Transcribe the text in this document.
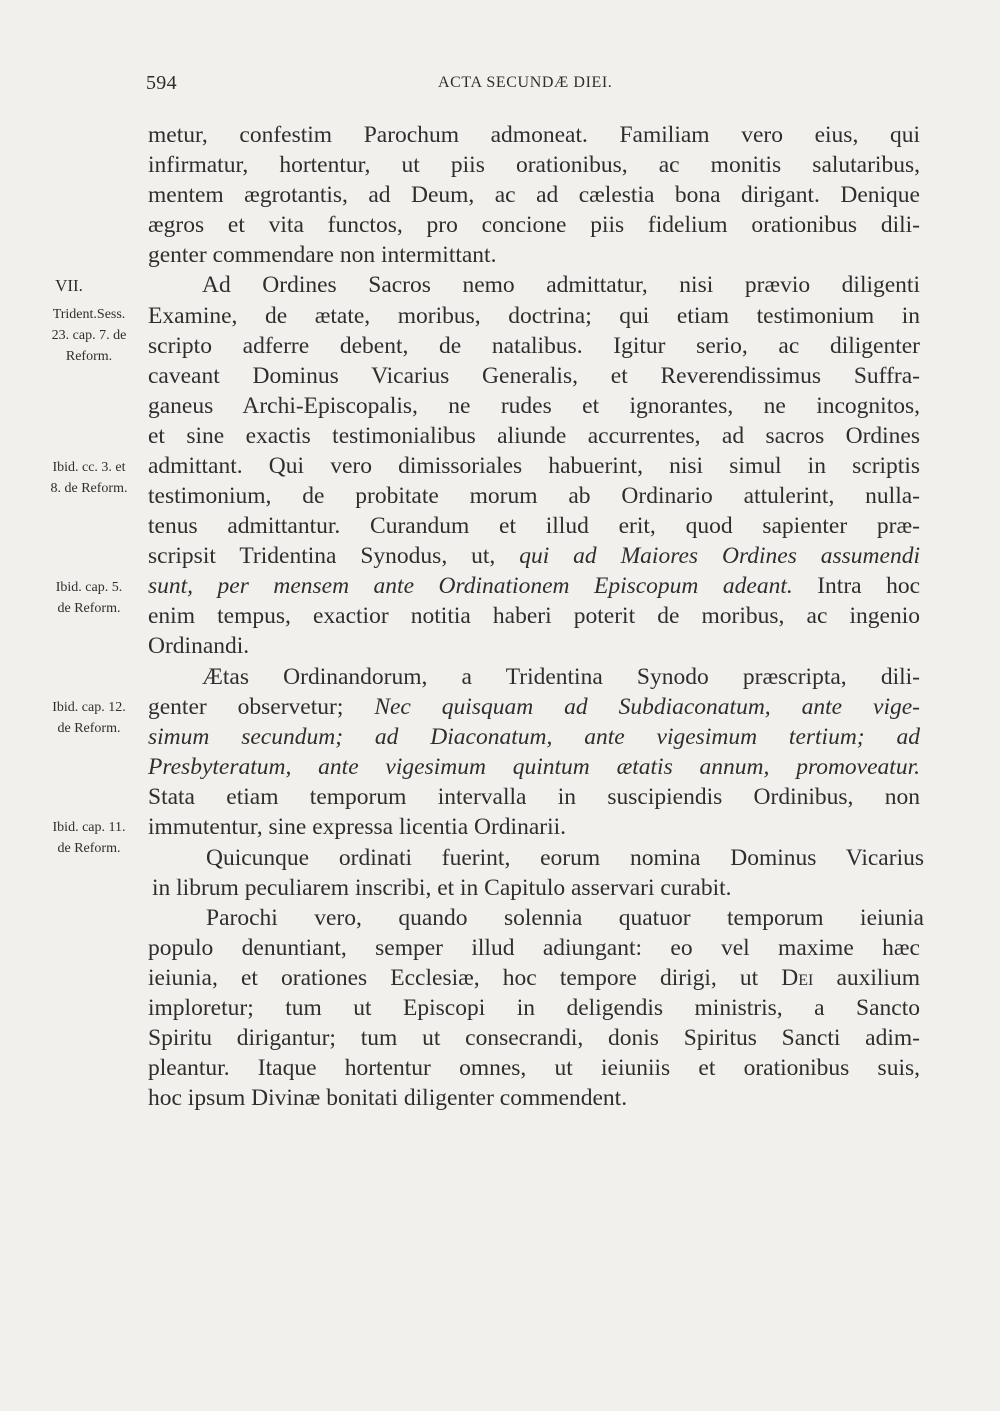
594	ACTA SECUNDÆ DIEI.
VII.
Trident.Sess.
23. cap. 7. de
Reform.
Ibid. cc. 3. et
8. de Reform.
Ibid. cap. 5.
de Reform.
Ibid. cap. 12.
de Reform.
Ibid. cap. 11.
de Reform.
metur, confestim Parochum admoneat. Familiam vero eius, qui
infirmatur, hortentur, ut piis orationibus, ac monitis salutaribus,
mentem ægrotantis, ad Deum, ac ad cælestia bona dirigant. Denique
ægros et vita functos, pro concione piis fidelium orationibus dili-
genter commendare non intermittant.
Ad Ordines Sacros nemo admittatur, nisi prævio diligenti
Examine, de ætate, moribus, doctrina; qui etiam testimonium in
scripto adferre debent, de natalibus. Igitur serio, ac diligenter
caveant Dominus Vicarius Generalis, et Reverendissimus Suffra-
ganeus Archi-Episcopalis, ne rudes et ignorantes, ne incognitos,
et sine exactis testimonialibus aliunde accurrentes, ad sacros Ordines
admittant. Qui vero dimissoriales habuerint, nisi simul in scriptis
testimonium, de probitate morum ab Ordinario attulerint, nulla-
tenus admittantur. Curandum et illud erit, quod sapienter præ-
scripsit Tridentina Synodus, ut, qui ad Maiores Ordines assumendi
sunt, per mensem ante Ordinationem Episcopum adeant. Intra hoc
enim tempus, exactior notitia haberi poterit de moribus, ac ingenio
Ordinandi.
Ætas Ordinandorum, a Tridentina Synodo præscripta, dili-
genter observetur; Nec quisquam ad Subdiaconatum, ante vige-
simum secundum; ad Diaconatum, ante vigesimum tertium; ad
Presbyteratum, ante vigesimum quintum ætatis annum, promoveatur.
Stata etiam temporum intervalla in suscipiendis Ordinibus, non
immutentur, sine expressa licentia Ordinarii.
Quicunque ordinati fuerint, eorum nomina Dominus Vicarius
in librum peculiarem inscribi, et in Capitulo asservari curabit.
Parochi vero, quando solennia quatuor temporum ieiunia
populo denuntiant, semper illud adiungant: eo vel maxime hæc
ieiunia, et orationes Ecclesiæ, hoc tempore dirigi, ut Dei auxilium
imploretur; tum ut Episcopi in deligendis ministris, a Sancto
Spiritu dirigantur; tum ut consecrandi, donis Spiritus Sancti adim-
pleantur. Itaque hortentur omnes, ut ieiuniis et orationibus suis,
hoc ipsum Divinæ bonitati diligenter commendent.
